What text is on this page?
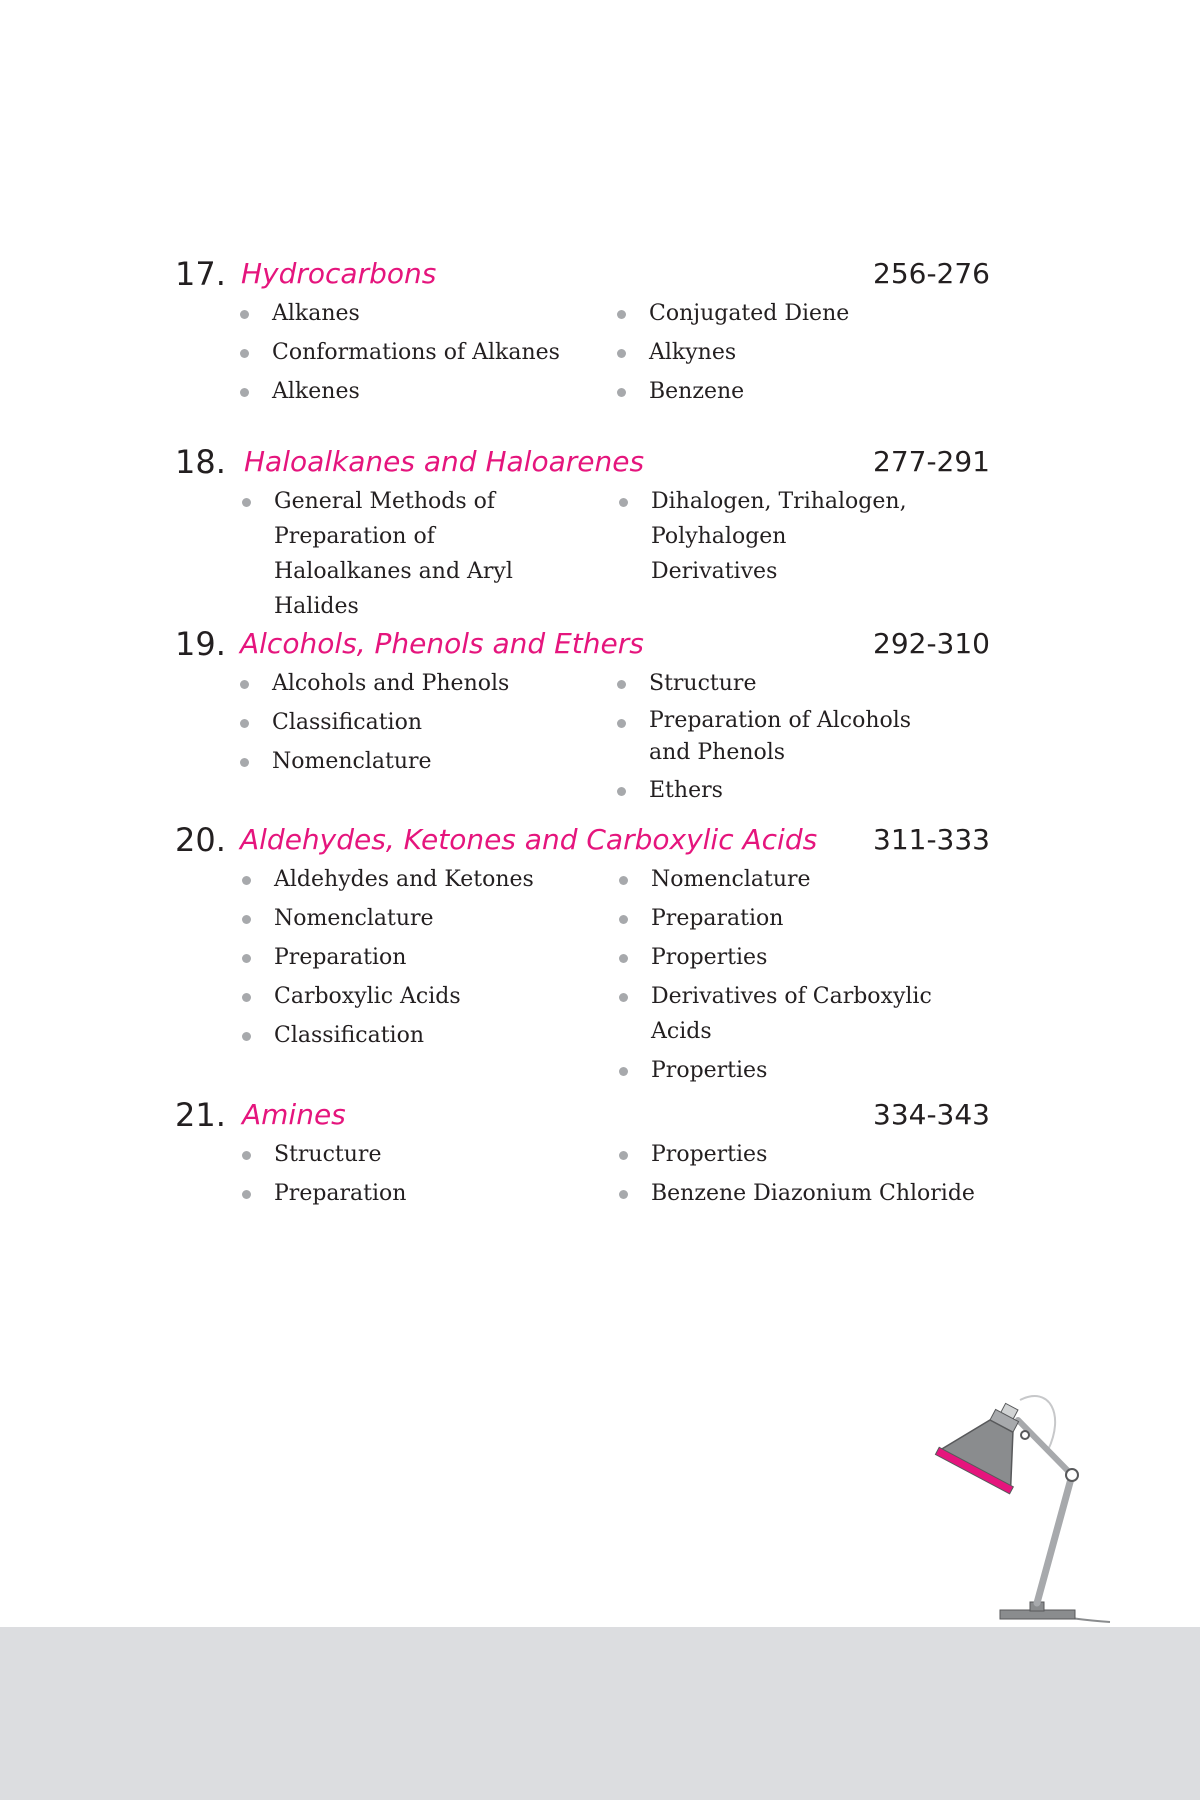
17. Hydrocarbons	256-276
Alkanes
Conformations of Alkanes
Alkenes
Conjugated Diene
Alkynes
Benzene
18. Haloalkanes and Haloarenes	277-291
General Methods of Preparation of Haloalkanes and Aryl Halides
Dihalogen, Trihalogen, Polyhalogen Derivatives
19. Alcohols, Phenols and Ethers	292-310
Alcohols and Phenols
Classification
Nomenclature
Structure
Preparation of Alcohols and Phenols
Ethers
20. Aldehydes, Ketones and Carboxylic Acids 311-333
Aldehydes and Ketones
Nomenclature
Preparation
Carboxylic Acids
Classification
Nomenclature
Preparation
Properties
Derivatives of Carboxylic Acids
Properties
21. Amines	334-343
Structure
Preparation
Properties
Benzene Diazonium Chloride
